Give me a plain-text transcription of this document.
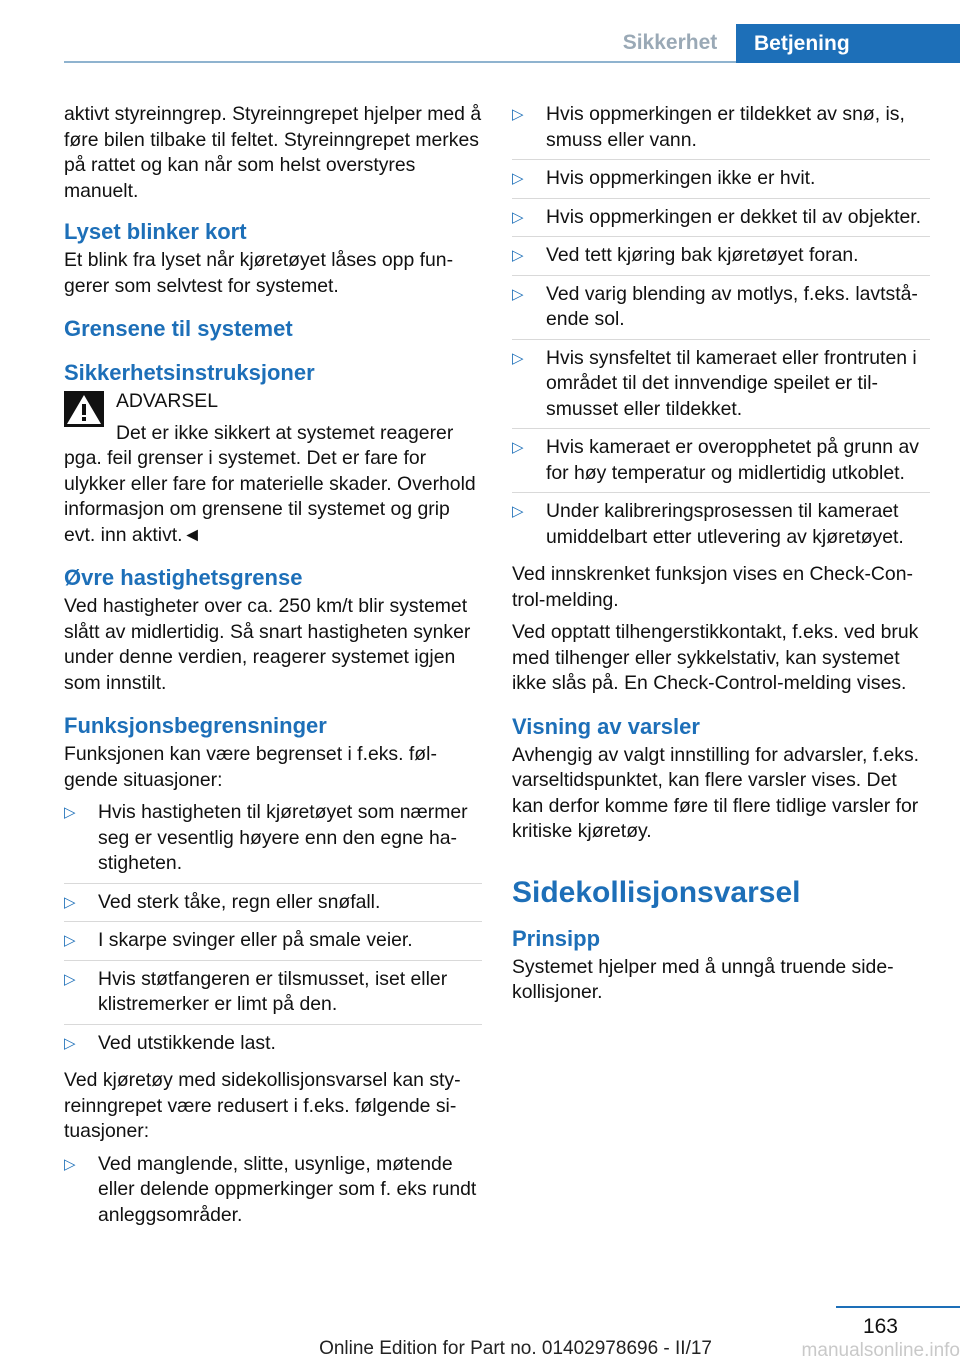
Sikkerhet	Betjening

aktivt styreinngrep. Styreinngrepet hjelper med å føre bilen tilbake til feltet. Styreinngrepet merkes på rattet og kan når som helst overstyres manuelt.

Lyset blinker kort

Et blink fra lyset når kjøretøyet låses opp fungerer som selvtest for systemet.

Grensene til systemet
Sikkerhetsinstruksjoner
ADVARSEL

Det er ikke sikkert at systemet reagerer pga. feil grenser i systemet. Det er fare for ulykker eller fare for materielle skader. Overhold informasjon om grensene til systemet og grip evt. inn aktivt.◄

Øvre hastighetsgrense

Ved hastigheter over ca. 250 km/t blir systemet slått av midlertidig. Så snart hastigheten synker under denne verdien, reagerer systemet igjen som innstilt.

Funksjonsbegrensninger

Funksjonen kan være begrenset i f.eks. følgende situasjoner:

▷ Hvis hastigheten til kjøretøyet som nærmer seg er vesentlig høyere enn den egne hastigheten.
▷ Ved sterk tåke, regn eller snøfall.
▷ I skarpe svinger eller på smale veier.
▷ Hvis støtfangeren er tilsmusset, iset eller klistremerker er limt på den.
▷ Ved utstikkende last.

Ved kjøretøy med sidekollisjonsvarsel kan styreinngrepet være redusert i f.eks. følgende situasjoner:

▷ Ved manglende, slitte, usynlige, møtende eller delende oppmerkinger som f. eks rundt anleggsområder.
▷ Hvis oppmerkingen er tildekket av snø, is, smuss eller vann.
▷ Hvis oppmerkingen ikke er hvit.
▷ Hvis oppmerkingen er dekket til av objekter.
▷ Ved tett kjøring bak kjøretøyet foran.
▷ Ved varig blending av motlys, f.eks. lavtstående sol.
▷ Hvis synsfeltet til kameraet eller frontruten i området til det innvendige speilet er tilsmusset eller tildekket.
▷ Hvis kameraet er overopphetet på grunn av for høy temperatur og midlertidig utkoblet.
▷ Under kalibreringsprosessen til kameraet umiddelbart etter utlevering av kjøretøyet.

Ved innskrenket funksjon vises en Check-Control-melding.

Ved opptatt tilhengerstikkontakt, f.eks. ved bruk med tilhenger eller sykkelstativ, kan systemet ikke slås på. En Check-Control-melding vises.

Visning av varsler

Avhengig av valgt innstilling for advarsler, f.eks. varseltidspunktet, kan flere varsler vises. Det kan derfor komme føre til flere tidlige varsler for kritiske kjøretøy.

Sidekollisjonsvarsel
Prinsipp

Systemet hjelper med å unngå truende sidekollisjoner.

163
Online Edition for Part no. 01402978696 - II/17	manualsonline.info
